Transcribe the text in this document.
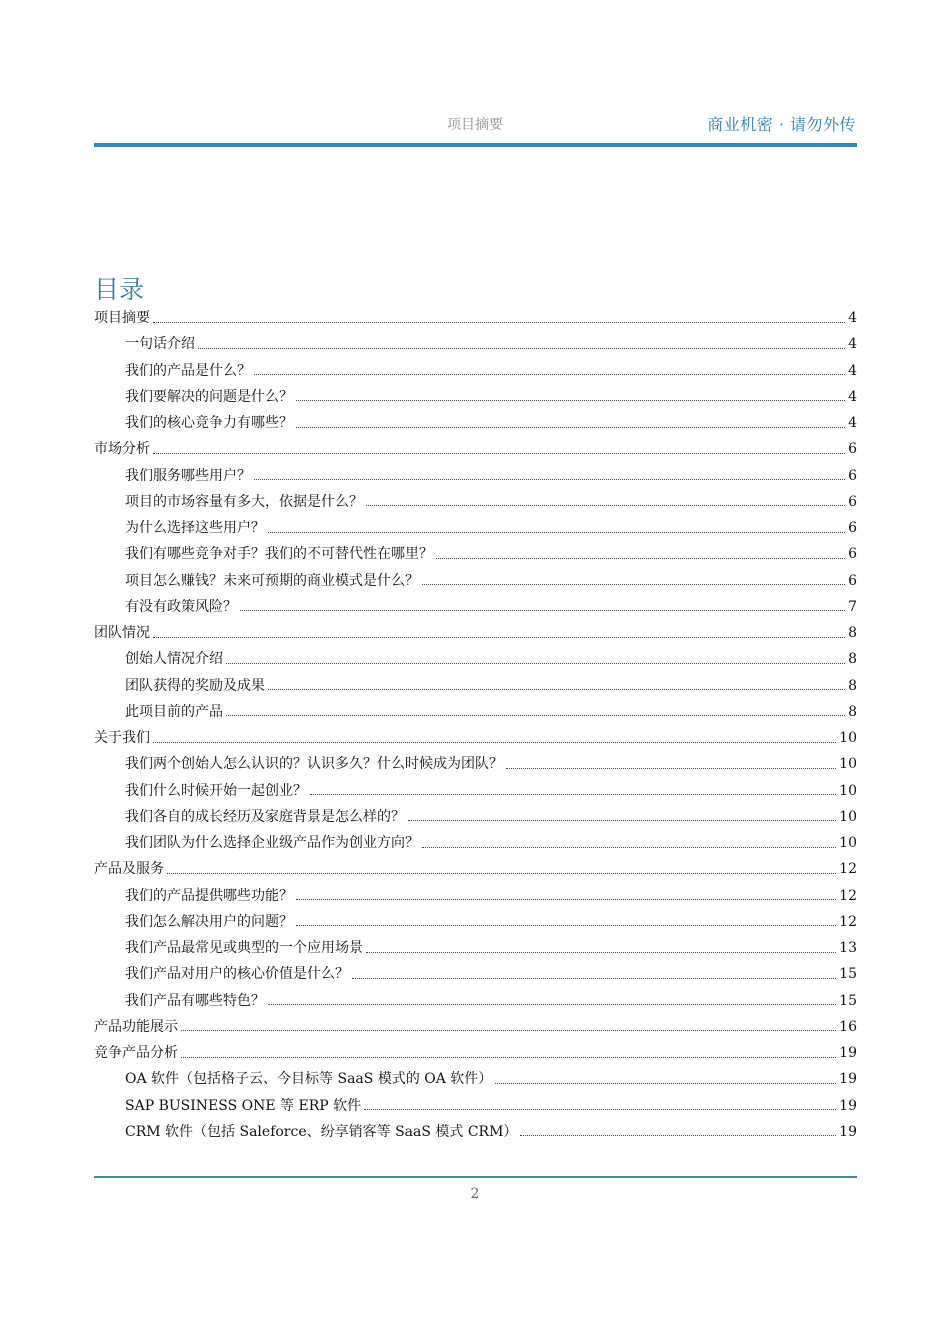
项目摘要	商业机密 · 请勿外传
目录
项目摘要	4
一句话介绍	4
我们的产品是什么？	4
我们要解决的问题是什么？	4
我们的核心竞争力有哪些？	4
市场分析	6
我们服务哪些用户？	6
项目的市场容量有多大，依据是什么？	6
为什么选择这些用户？	6
我们有哪些竞争对手？我们的不可替代性在哪里？	6
项目怎么赚钱？未来可预期的商业模式是什么？	6
有没有政策风险？	7
团队情况	8
创始人情况介绍	8
团队获得的奖励及成果	8
此项目前的产品	8
关于我们	10
我们两个创始人怎么认识的？认识多久？什么时候成为团队？	10
我们什么时候开始一起创业？	10
我们各自的成长经历及家庭背景是怎么样的？	10
我们团队为什么选择企业级产品作为创业方向？	10
产品及服务	12
我们的产品提供哪些功能？	12
我们怎么解决用户的问题？	12
我们产品最常见或典型的一个应用场景	13
我们产品对用户的核心价值是什么？	15
我们产品有哪些特色？	15
产品功能展示	16
竞争产品分析	19
OA 软件（包括格子云、今目标等 SaaS 模式的 OA 软件）	19
SAP BUSINESS ONE 等 ERP 软件	19
CRM 软件（包括 Saleforce、纷享销客等 SaaS 模式 CRM）	19
2
